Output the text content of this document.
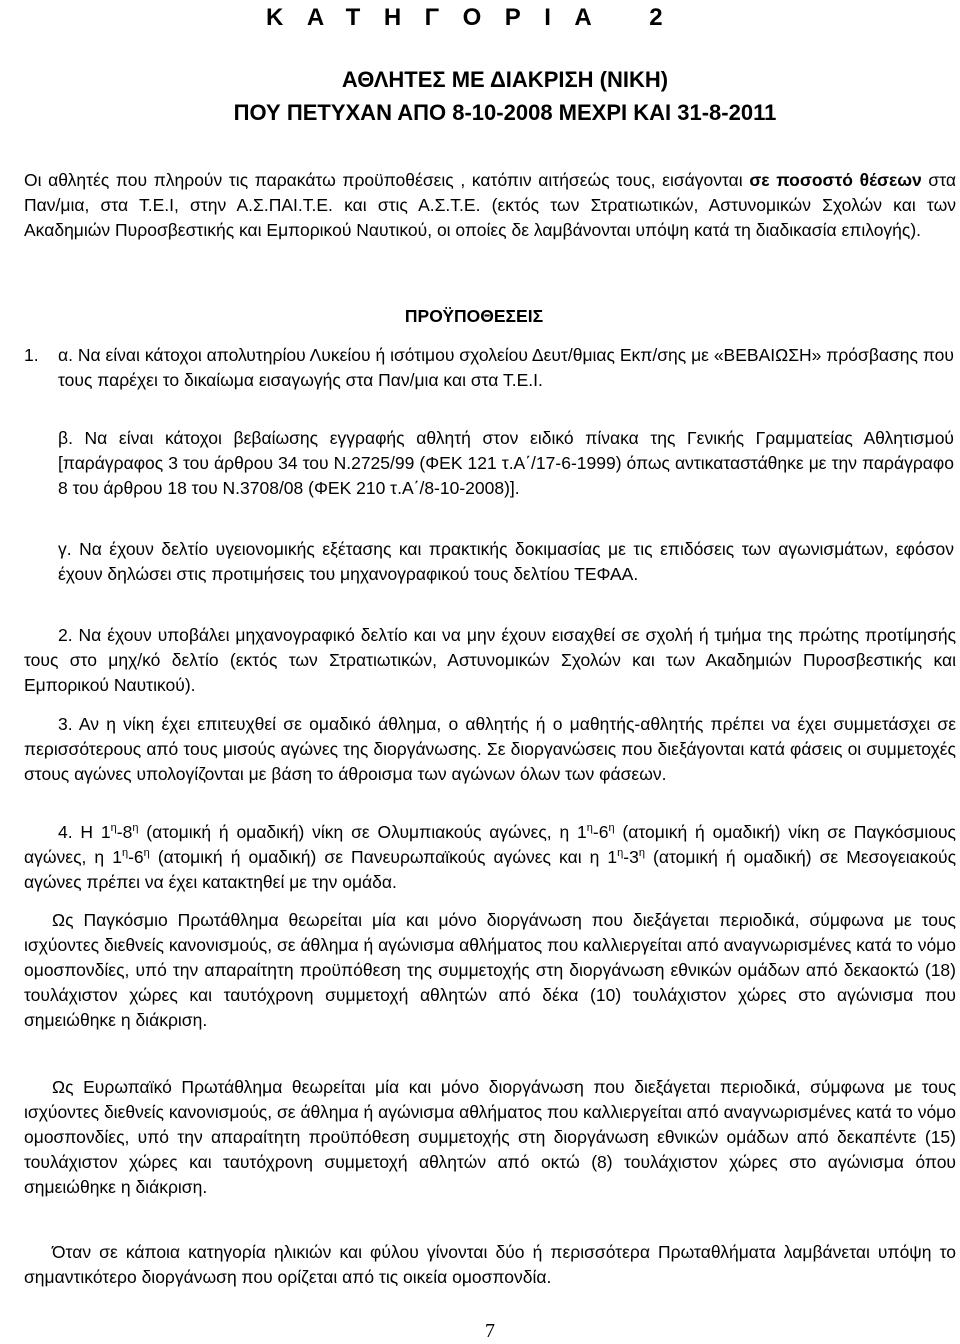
ΚΑΤΗΓΟΡΙΑ 2
ΑΘΛΗΤΕΣ ΜΕ ΔΙΑΚΡΙΣΗ (ΝΙΚΗ)
ΠΟΥ ΠΕΤΥΧΑΝ ΑΠΟ 8-10-2008 ΜΕΧΡΙ ΚΑΙ 31-8-2011

Οι αθλητές που πληρούν τις παρακάτω προϋποθέσεις , κατόπιν αιτήσεώς τους, εισάγονται σε ποσοστό θέσεων στα Παν/μια, στα Τ.Ε.Ι, στην Α.Σ.ΠΑΙ.Τ.Ε. και στις Α.Σ.Τ.Ε. (εκτός των Στρατιωτικών, Αστυνομικών Σχολών και των Ακαδημιών Πυροσβεστικής και Εμπορικού Ναυτικού, οι οποίες δε λαμβάνονται υπόψη κατά τη διαδικασία επιλογής).

ΠΡΟΫΠΟΘΕΣΕΙΣ
1. α. Να είναι κάτοχοι απολυτηρίου Λυκείου ή ισότιμου σχολείου Δευτ/θμιας Εκπ/σης με «ΒΕΒΑΙΩΣΗ» πρόσβασης που τους παρέχει το δικαίωμα εισαγωγής στα Παν/μια και στα Τ.Ε.Ι.

β. Να είναι κάτοχοι βεβαίωσης εγγραφής αθλητή στον ειδικό πίνακα της Γενικής Γραμματείας Αθλητισμού [παράγραφος 3 του άρθρου 34 του Ν.2725/99 (ΦΕΚ 121 τ.Α΄/17-6-1999) όπως αντικαταστάθηκε με την παράγραφο 8 του άρθρου 18 του Ν.3708/08 (ΦΕΚ 210 τ.Α΄/8-10-2008)].

γ. Να έχουν δελτίο υγειονομικής εξέτασης και πρακτικής δοκιμασίας με τις επιδόσεις των αγωνισμάτων, εφόσον έχουν δηλώσει στις προτιμήσεις του μηχανογραφικού τους δελτίου ΤΕΦΑΑ.

2. Να έχουν υποβάλει μηχανογραφικό δελτίο και να μην έχουν εισαχθεί σε σχολή ή τμήμα της πρώτης προτίμησής τους στο μηχ/κό δελτίο (εκτός των Στρατιωτικών, Αστυνομικών Σχολών και των Ακαδημιών Πυροσβεστικής και Εμπορικού Ναυτικού).

3. Αν η νίκη έχει επιτευχθεί σε ομαδικό άθλημα, ο αθλητής ή ο μαθητής-αθλητής πρέπει να έχει συμμετάσχει σε περισσότερους από τους μισούς αγώνες της διοργάνωσης. Σε διοργανώσεις που διεξάγονται κατά φάσεις οι συμμετοχές στους αγώνες υπολογίζονται με βάση το άθροισμα των αγώνων όλων των φάσεων.

4. Η $1^\eta-8^\eta$ (ατομική ή ομαδική) νίκη σε Ολυμπιακούς αγώνες, η $1^\eta-6^\eta$ (ατομική ή ομαδική) νίκη σε Παγκόσμιους αγώνες, η $1^\eta-6^\eta$ (ατομική ή ομαδική) σε Πανευρωπαϊκούς αγώνες και η $1^\eta-3^\eta$ (ατομική ή ομαδική) σε Μεσογειακούς αγώνες πρέπει να έχει κατακτηθεί με την ομάδα.

Ως Παγκόσμιο Πρωτάθλημα θεωρείται μία και μόνο διοργάνωση που διεξάγεται περιοδικά, σύμφωνα με τους ισχύοντες διεθνείς κανονισμούς, σε άθλημα ή αγώνισμα αθλήματος που καλλιεργείται από αναγνωρισμένες κατά το νόμο ομοσπονδίες, υπό την απαραίτητη προϋπόθεση της συμμετοχής στη διοργάνωση εθνικών ομάδων από δεκαοκτώ (18) τουλάχιστον χώρες και ταυτόχρονη συμμετοχή αθλητών από δέκα (10) τουλάχιστον χώρες στο αγώνισμα που σημειώθηκε η διάκριση.

Ως Ευρωπαϊκό Πρωτάθλημα θεωρείται μία και μόνο διοργάνωση που διεξάγεται περιοδικά, σύμφωνα με τους ισχύοντες διεθνείς κανονισμούς, σε άθλημα ή αγώνισμα αθλήματος που καλλιεργείται από αναγνωρισμένες κατά το νόμο ομοσπονδίες, υπό την απαραίτητη προϋπόθεση συμμετοχής στη διοργάνωση εθνικών ομάδων από δεκαπέντε (15) τουλάχιστον χώρες και ταυτόχρονη συμμετοχή αθλητών από οκτώ (8) τουλάχιστον χώρες στο αγώνισμα όπου σημειώθηκε η διάκριση.

Όταν σε κάποια κατηγορία ηλικιών και φύλου γίνονται δύο ή περισσότερα Πρωταθλήματα λαμβάνεται υπόψη το σημαντικότερο διοργάνωση που ορίζεται από τις οικεία ομοσπονδία.

7
